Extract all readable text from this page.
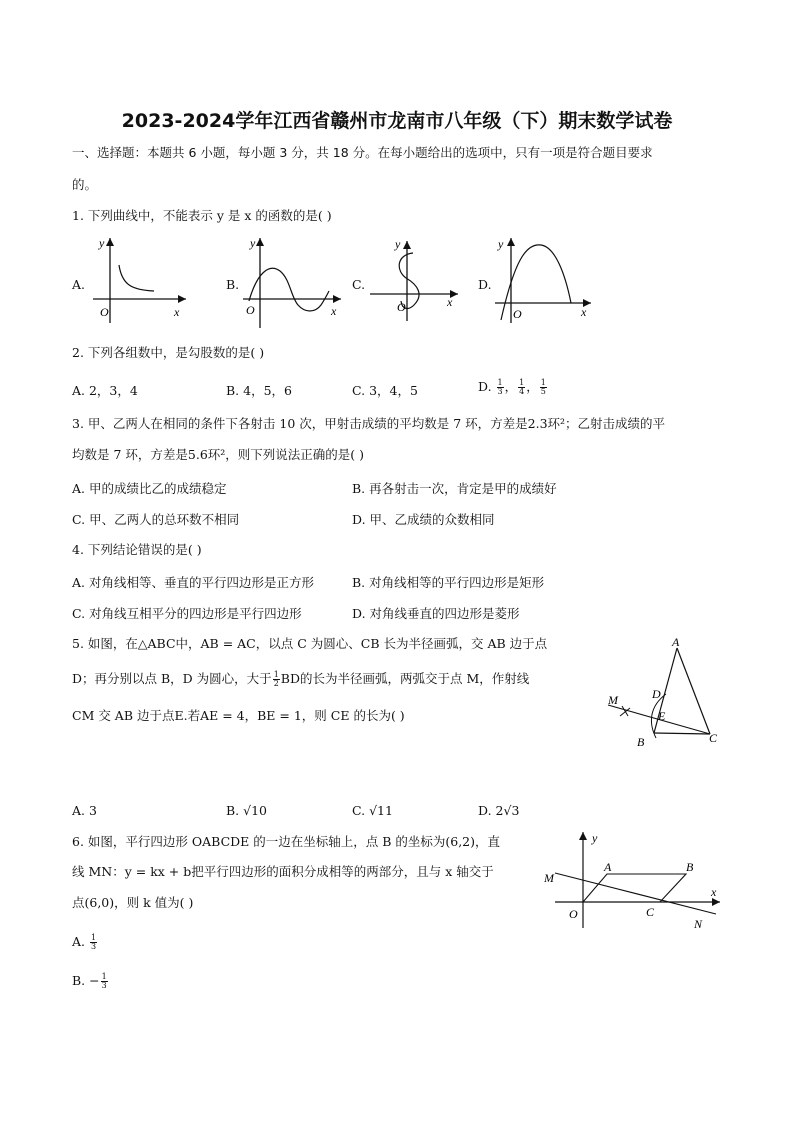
2023-2024学年江西省赣州市龙南市八年级（下）期末数学试卷
一、选择题：本题共 6 小题，每小题 3 分，共 18 分。在每小题给出的选项中，只有一项是符合题目要求
的。
1. 下列曲线中，不能表示 y 是 x 的函数的是( )
A.	B.	C.	D.
y
O	x
y
O	x
y
O	x
y
O	x
2. 下列各组数中，是勾股数的是( )
A. 2，3，4	B. 4，5，6	C. 3，4，5	D. $\frac{1}{3}$ ， $\frac{1}{4}$ ， $\frac{1}{5}$
3. 甲、乙两人在相同的条件下各射击 10 次，甲射击成绩的平均数是 7 环，方差是2.3环²；乙射击成绩的平
均数是 7 环，方差是5.6环²，则下列说法正确的是( )
A. 甲的成绩比乙的成绩稳定	B. 再各射击一次，肯定是甲的成绩好
C. 甲、乙两人的总环数不相同	D. 甲、乙成绩的众数相同
4. 下列结论错误的是( )
A. 对角线相等、垂直的平行四边形是正方形	B. 对角线相等的平行四边形是矩形
C. 对角线互相平分的四边形是平行四边形	D. 对角线垂直的四边形是菱形
5. 如图，在△ABC中，AB = AC，以点 C 为圆心、CB 长为半径画弧，交 AB 边于点
D；再分别以点 B，D 为圆心，大于 $\frac{1}{2}$ BD的长为半径画弧，两弧交于点 M，作射线
CM 交 AB 边于点E.若AE = 4，BE = 1，则 CE 的长为( )
A
B	C
D
E
M
A. 3	B. √10	C. √11	D. 2√3
6. 如图，平行四边形 OABCDE 的一边在坐标轴上，点 B 的坐标为(6,2)，直
线 MN：y = kx + b把平行四边形的面积分成相等的两部分，且与 x 轴交于
点(6,0)，则 k 值为( )
y
x
O
A	B
C
M
N
A. $\frac{1}{3}$
B. − $\frac{1}{3}$
